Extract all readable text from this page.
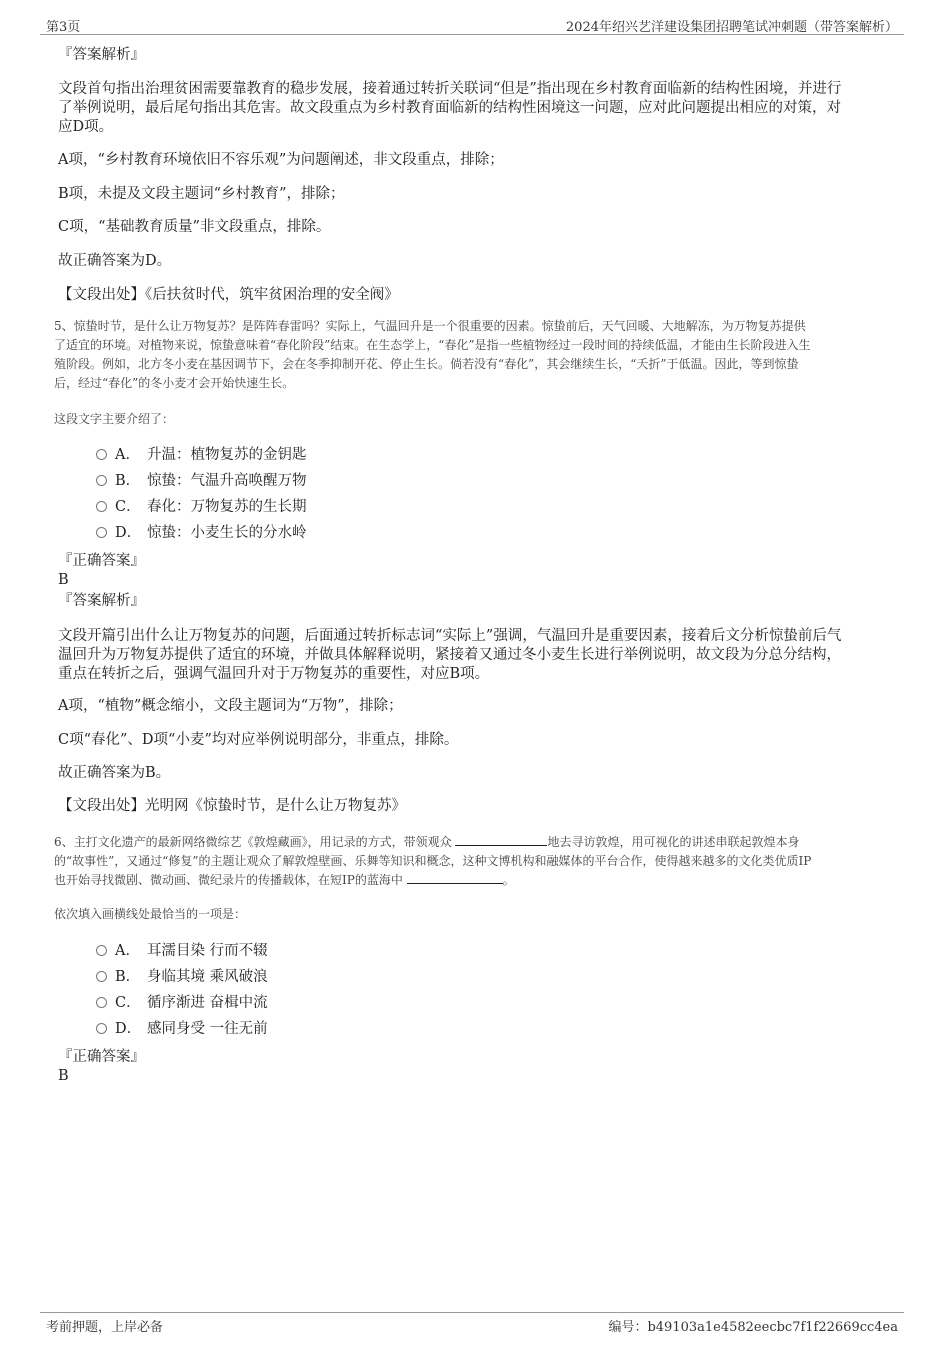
第3页	2024年绍兴艺洋建设集团招聘笔试冲刺题（带答案解析）
『答案解析』
文段首句指出治理贫困需要靠教育的稳步发展，接着通过转折关联词“但是”指出现在乡村教育面临新的结构性困境，并进行
了举例说明，最后尾句指出其危害。故文段重点为乡村教育面临新的结构性困境这一问题，应对此问题提出相应的对策，对
应D项。
A项，“乡村教育环境依旧不容乐观”为问题阐述，非文段重点，排除；
B项，未提及文段主题词“乡村教育”，排除；
C项，“基础教育质量”非文段重点，排除。
故正确答案为D。
【文段出处】《后扶贫时代，筑牢贫困治理的安全阀》
5、惊蛰时节，是什么让万物复苏？是阵阵春雷吗？实际上，气温回升是一个很重要的因素。惊蛰前后，天气回暖、大地解冻，为万物复苏提供
了适宜的环境。对植物来说，惊蛰意味着“春化阶段”结束。在生态学上，“春化”是指一些植物经过一段时间的持续低温，才能由生长阶段进入生
殖阶段。例如，北方冬小麦在基因调节下，会在冬季抑制开花、停止生长。倘若没有“春化”，其会继续生长，“夭折”于低温。因此，等到惊蛰
后，经过“春化”的冬小麦才会开始快速生长。
这段文字主要介绍了：
A． 升温：植物复苏的金钥匙
B． 惊蛰：气温升高唤醒万物
C． 春化：万物复苏的生长期
D． 惊蛰：小麦生长的分水岭
『正确答案』
B
『答案解析』
文段开篇引出什么让万物复苏的问题，后面通过转折标志词“实际上”强调，气温回升是重要因素，接着后文分析惊蛰前后气
温回升为万物复苏提供了适宜的环境，并做具体解释说明，紧接着又通过冬小麦生长进行举例说明，故文段为分总分结构，
重点在转折之后，强调气温回升对于万物复苏的重要性，对应B项。
A项，“植物”概念缩小，文段主题词为“万物”，排除；
C项“春化”、D项“小麦”均对应举例说明部分，非重点，排除。
故正确答案为B。
【文段出处】光明网《惊蛰时节，是什么让万物复苏》
6、主打文化遗产的最新网络微综艺《敦煌藏画》，用记录的方式，带领观众	地去寻访敦煌，用可视化的讲述串联起敦煌本身
的“故事性”，又通过“修复”的主题让观众了解敦煌壁画、乐舞等知识和概念，这种文博机构和融媒体的平台合作，使得越来越多的文化类优质IP
也开始寻找微剧、微动画、微纪录片的传播载体，在短IP的蓝海中	。
依次填入画横线处最恰当的一项是：
A． 耳濡目染 行而不辍
B． 身临其境 乘风破浪
C． 循序渐进 奋楫中流
D． 感同身受 一往无前
『正确答案』
B
考前押题，上岸必备	编号：b49103a1e4582eecbc7f1f22669cc4ea
